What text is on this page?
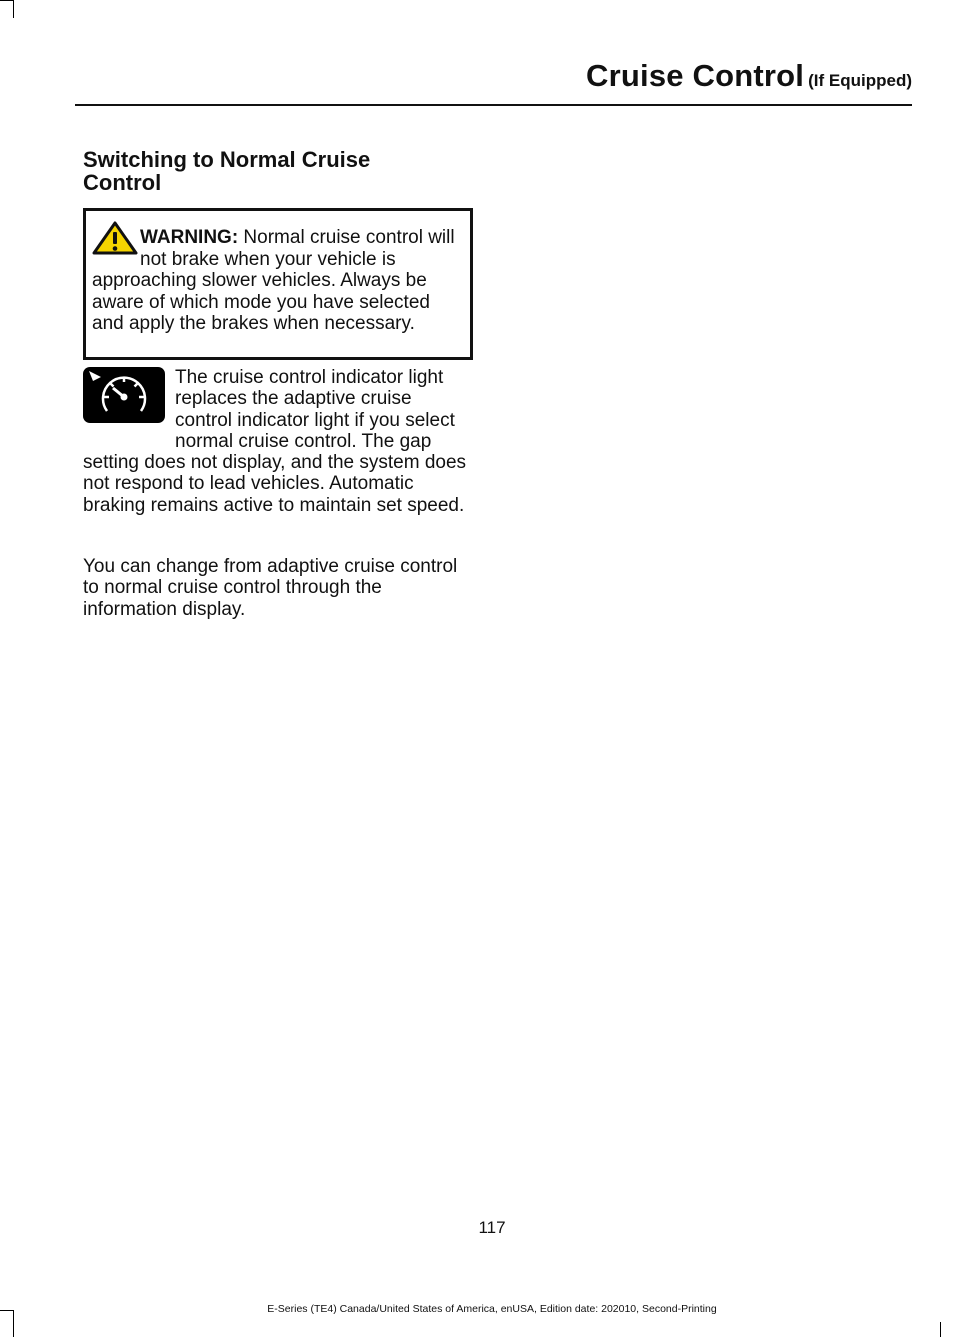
Cruise Control (If Equipped)
Switching to Normal Cruise Control
WARNING: Normal cruise control will not brake when your vehicle is approaching slower vehicles. Always be aware of which mode you have selected and apply the brakes when necessary.

The cruise control indicator light replaces the adaptive cruise control indicator light if you select normal cruise control. The gap setting does not display, and the system does not respond to lead vehicles. Automatic braking remains active to maintain set speed.

You can change from adaptive cruise control to normal cruise control through the information display.

117
E-Series (TE4) Canada/United States of America, enUSA, Edition date: 202010, Second-Printing
